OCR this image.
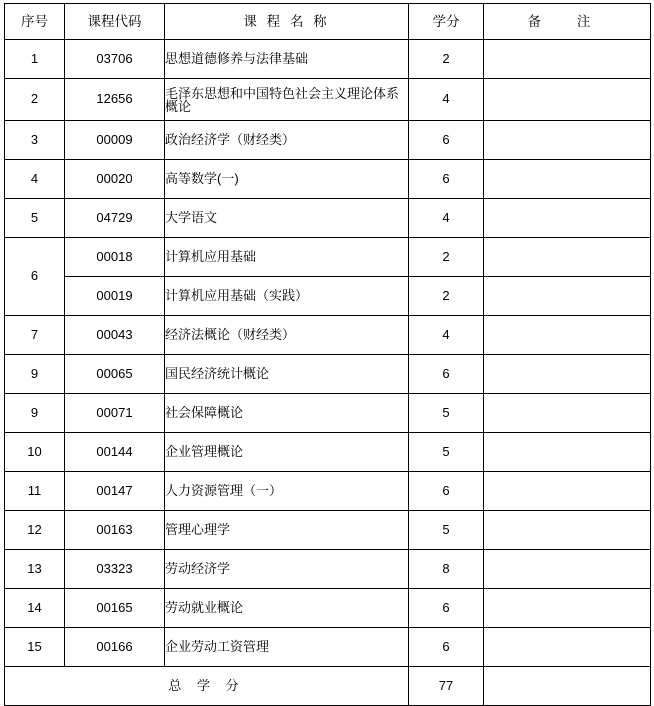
序号	课程代码	课 程 名 称	学分	备 注
1	03706	思想道德修养与法律基础	2	
2	12656	毛泽东思想和中国特色社会主义理论体系概论	4	
3	00009	政治经济学（财经类）	6	
4	00020	高等数学(一)	6	
5	04729	大学语文	4	
6	00018	计算机应用基础	2	
	00019	计算机应用基础（实践）	2	
7	00043	经济法概论（财经类）	4	
9	00065	国民经济统计概论	6	
9	00071	社会保障概论	5	
10	00144	企业管理概论	5	
11	00147	人力资源管理（一）	6	
12	00163	管理心理学	5	
13	03323	劳动经济学	8	
14	00165	劳动就业概论	6	
15	00166	企业劳动工资管理	6	
总 学 分			77	
